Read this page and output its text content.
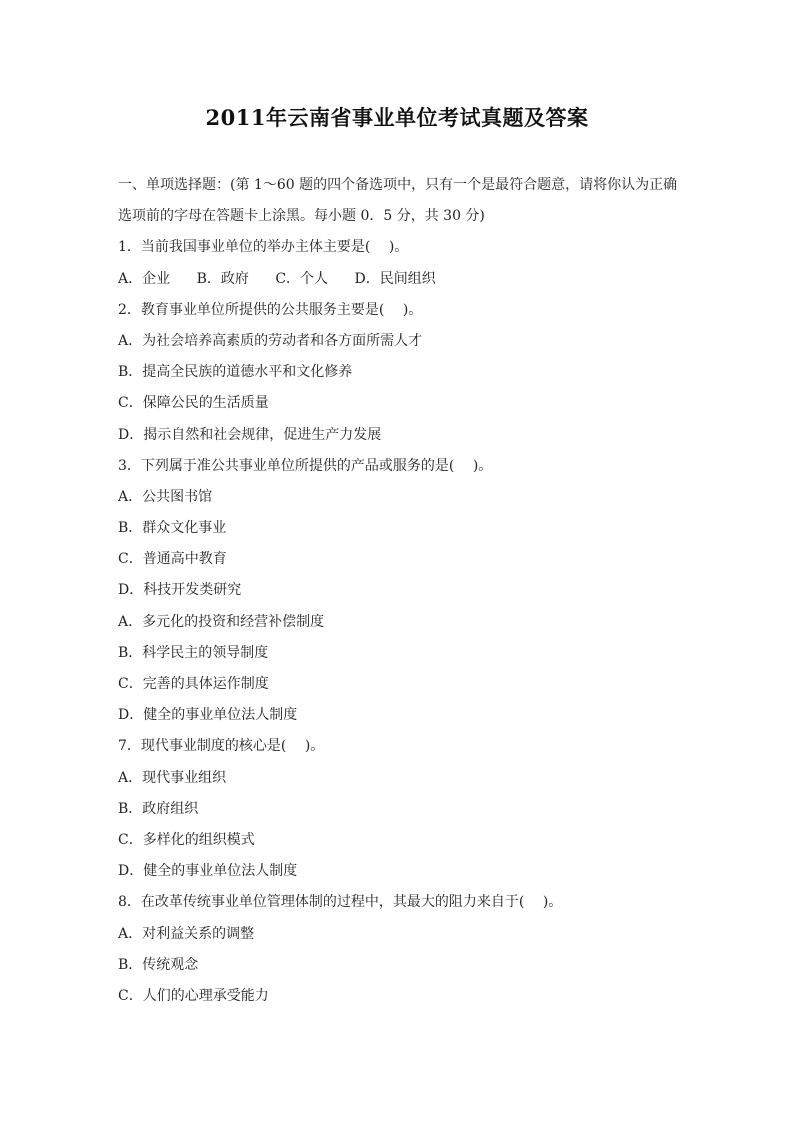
2011年云南省事业单位考试真题及答案
一、单项选择题：(第 1～60 题的四个备选项中，只有一个是最符合题意，请将你认为正确
选项前的字母在答题卡上涂黑。每小题 0．5 分，共 30 分)
1．当前我国事业单位的举办主体主要是(　 )。
A．企业 B．政府 C．个人 D．民间组织
2．教育事业单位所提供的公共服务主要是(　 )。
A．为社会培养高素质的劳动者和各方面所需人才
B．提高全民族的道德水平和文化修养
C．保障公民的生活质量
D．揭示自然和社会规律，促进生产力发展
3．下列属于准公共事业单位所提供的产品或服务的是(　 )。
A．公共图书馆
B．群众文化事业
C．普通高中教育
D．科技开发类研究
A．多元化的投资和经营补偿制度
B．科学民主的领导制度
C．完善的具体运作制度
D．健全的事业单位法人制度
7．现代事业制度的核心是(　 )。
A．现代事业组织
B．政府组织
C．多样化的组织模式
D．健全的事业单位法人制度
8．在改革传统事业单位管理体制的过程中，其最大的阻力来自于(　 )。
A．对利益关系的调整
B．传统观念
C．人们的心理承受能力
